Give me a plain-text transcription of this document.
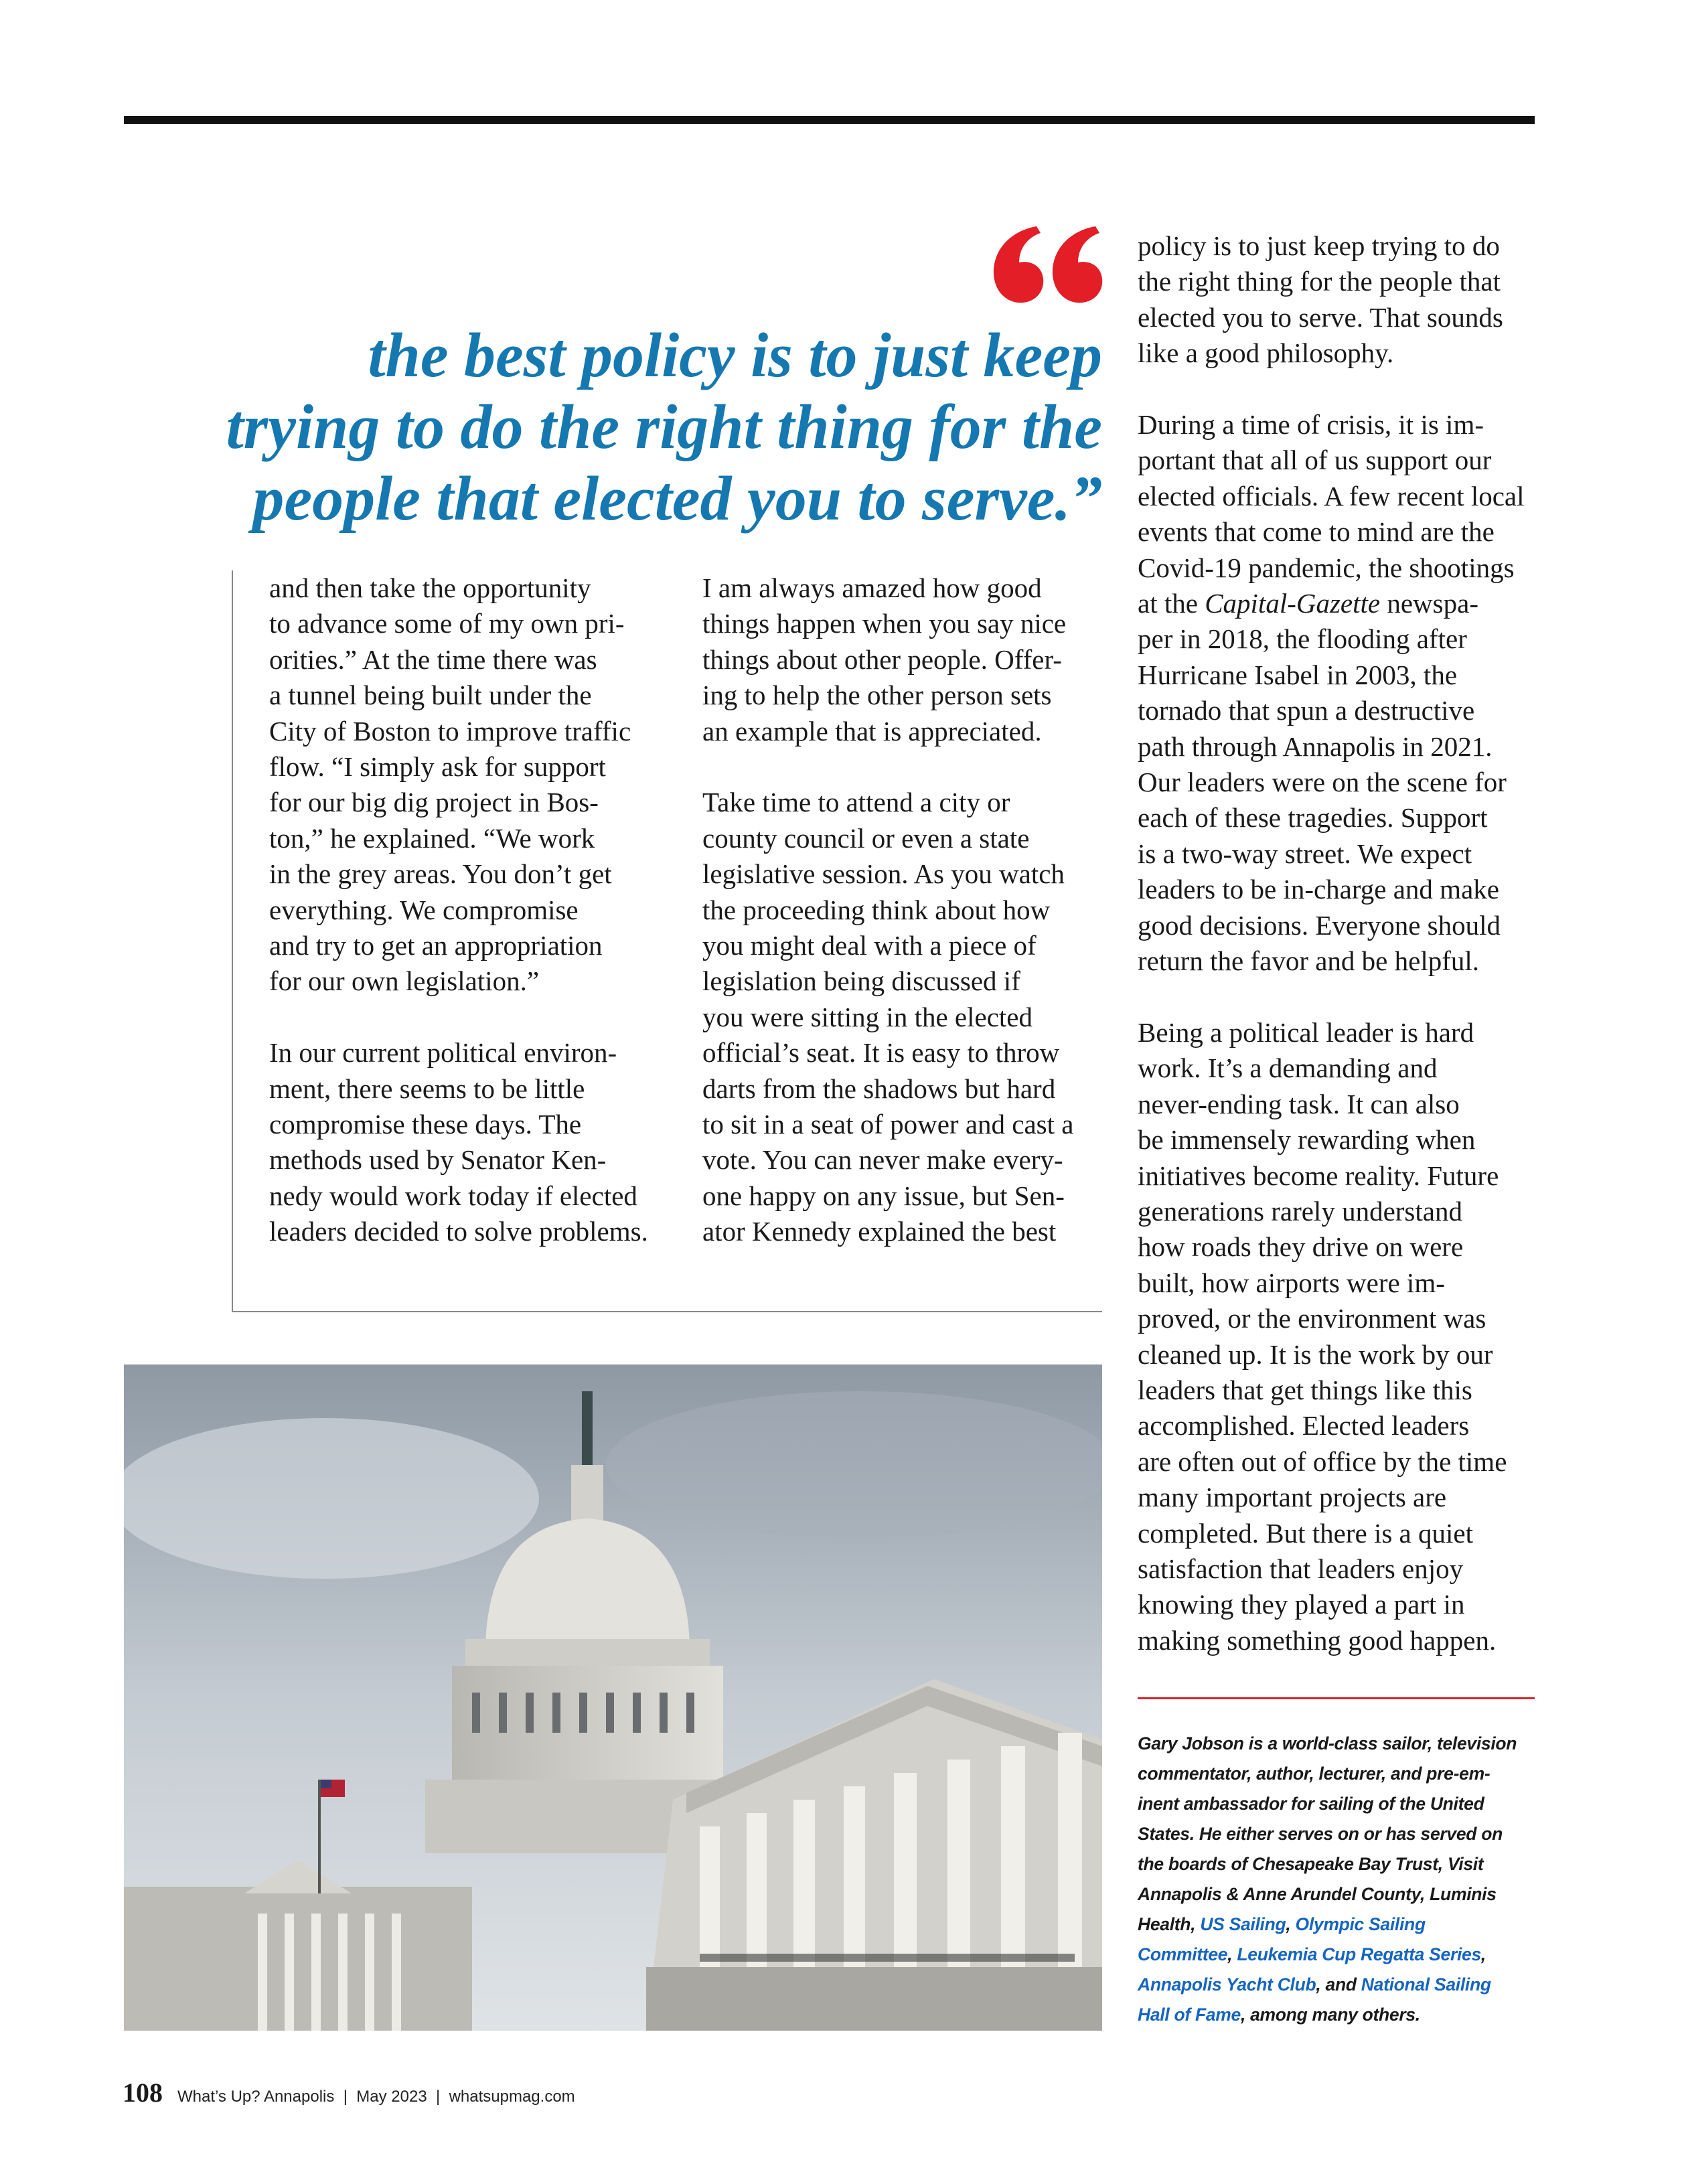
the best policy is to just keep
trying to do the right thing for the
people that elected you to serve.”
and then take the opportunity
to advance some of my own pri-
orities.” At the time there was
a tunnel being built under the
City of Boston to improve traffic
flow. “I simply ask for support
for our big dig project in Bos-
ton,” he explained. “We work
in the grey areas. You don’t get
everything. We compromise
and try to get an appropriation
for our own legislation.”
In our current political environ-
ment, there seems to be little
compromise these days. The
methods used by Senator Ken-
nedy would work today if elected
leaders decided to solve problems.
I am always amazed how good
things happen when you say nice
things about other people. Offer-
ing to help the other person sets
an example that is appreciated.
Take time to attend a city or
county council or even a state
legislative session. As you watch
the proceeding think about how
you might deal with a piece of
legislation being discussed if
you were sitting in the elected
official’s seat. It is easy to throw
darts from the shadows but hard
to sit in a seat of power and cast a
vote. You can never make every-
one happy on any issue, but Sen-
ator Kennedy explained the best
policy is to just keep trying to do
the right thing for the people that
elected you to serve. That sounds
like a good philosophy.
During a time of crisis, it is im-
portant that all of us support our
elected officials. A few recent local
events that come to mind are the
Covid-19 pandemic, the shootings
at the Capital-Gazette newspa-
per in 2018, the flooding after
Hurricane Isabel in 2003, the
tornado that spun a destructive
path through Annapolis in 2021.
Our leaders were on the scene for
each of these tragedies. Support
is a two-way street. We expect
leaders to be in-charge and make
good decisions. Everyone should
return the favor and be helpful.
Being a political leader is hard
work. It’s a demanding and
never-ending task. It can also
be immensely rewarding when
initiatives become reality. Future
generations rarely understand
how roads they drive on were
built, how airports were im-
proved, or the environment was
cleaned up. It is the work by our
leaders that get things like this
accomplished. Elected leaders
are often out of office by the time
many important projects are
completed. But there is a quiet
satisfaction that leaders enjoy
knowing they played a part in
making something good happen.
Gary Jobson is a world-class sailor, television
commentator, author, lecturer, and pre-em-
inent ambassador for sailing of the United
States. He either serves on or has served on
the boards of Chesapeake Bay Trust, Visit
Annapolis & Anne Arundel County, Luminis
Health, US Sailing, Olympic Sailing
Committee, Leukemia Cup Regatta Series,
Annapolis Yacht Club, and National Sailing
Hall of Fame, among many others.
108 What’s Up? Annapolis  |  May 2023  |  whatsupmag.com
